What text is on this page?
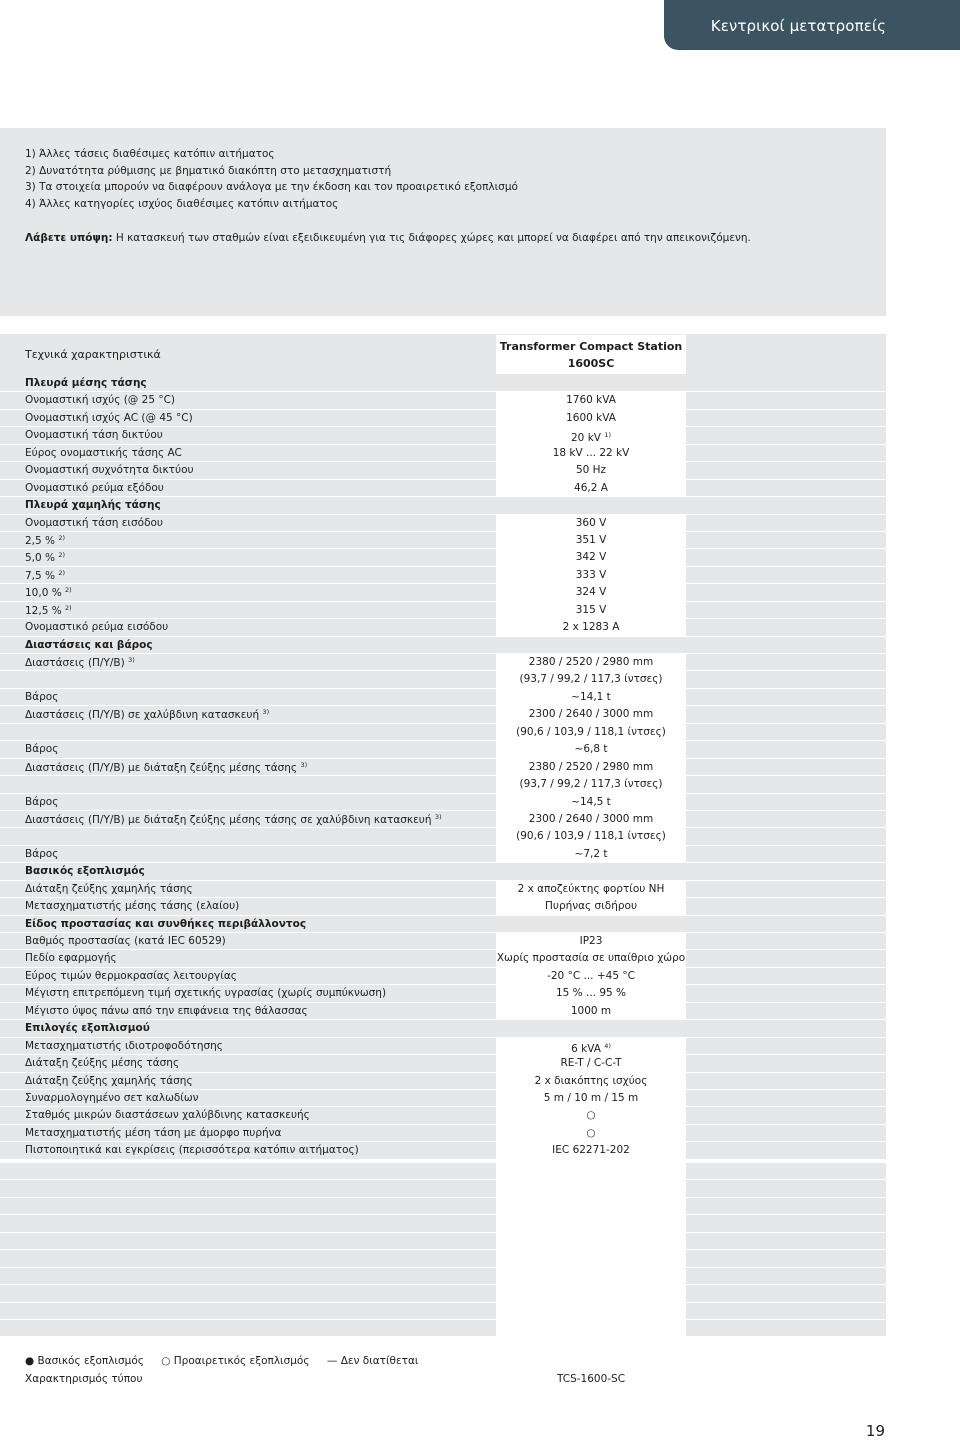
Κεντρικοί μετατροπείς
1) Άλλες τάσεις διαθέσιμες κατόπιν αιτήματος
2) Δυνατότητα ρύθμισης με βηματικό διακόπτη στο μετασχηματιστή
3) Τα στοιχεία μπορούν να διαφέρουν ανάλογα με την έκδοση και τον προαιρετικό εξοπλισμό
4) Άλλες κατηγορίες ισχύος διαθέσιμες κατόπιν αιτήματος
Λάβετε υπόψη: Η κατασκευή των σταθμών είναι εξειδικευμένη για τις διάφορες χώρες και μπορεί να διαφέρει από την απεικονιζόμενη.
Τεχνικά χαρακτηριστικά
Transformer Compact Station
1600SC
Πλευρά μέσης τάσης
Ονομαστική ισχύς (@ 25 °C)	1760 kVA
Ονομαστική ισχύς AC (@ 45 °C)	1600 kVA
Ονομαστική τάση δικτύου	20 kV $^{1)}$
Εύρος ονομαστικής τάσης AC	18 kV ... 22 kV
Ονομαστική συχνότητα δικτύου	50 Hz
Ονομαστικό ρεύμα εξόδου	46,2 A
Πλευρά χαμηλής τάσης
Ονομαστική τάση εισόδου	360 V
2,5 % $^{2)}$	351 V
5,0 % $^{2)}$	342 V
7,5 % $^{2)}$	333 V
10,0 % $^{2)}$	324 V
12,5 % $^{2)}$	315 V
Ονομαστικό ρεύμα εισόδου	2 x 1283 A
Διαστάσεις και βάρος
Διαστάσεις (Π/Υ/Β) $^{3)}$	2380 / 2520 / 2980 mm
(93,7 / 99,2 / 117,3 ίντσες)
Βάρος	~14,1 t
Διαστάσεις (Π/Υ/Β) σε χαλύβδινη κατασκευή $^{3)}$	2300 / 2640 / 3000 mm
(90,6 / 103,9 / 118,1 ίντσες)
Βάρος	~6,8 t
Διαστάσεις (Π/Υ/Β) με διάταξη ζεύξης μέσης τάσης $^{3)}$	2380 / 2520 / 2980 mm
(93,7 / 99,2 / 117,3 ίντσες)
Βάρος	~14,5 t
Διαστάσεις (Π/Υ/Β) με διάταξη ζεύξης μέσης τάσης σε χαλύβδινη κατασκευή $^{3)}$	2300 / 2640 / 3000 mm
(90,6 / 103,9 / 118,1 ίντσες)
Βάρος	~7,2 t
Βασικός εξοπλισμός
Διάταξη ζεύξης χαμηλής τάσης	2 x αποζεύκτης φορτίου NH
Μετασχηματιστής μέσης τάσης (ελαίου)	Πυρήνας σιδήρου
Είδος προστασίας και συνθήκες περιβάλλοντος
Βαθμός προστασίας (κατά IEC 60529)	IP23
Πεδίο εφαρμογής	Χωρίς προστασία σε υπαίθριο χώρο
Εύρος τιμών θερμοκρασίας λειτουργίας	-20 °C ... +45 °C
Μέγιστη επιτρεπόμενη τιμή σχετικής υγρασίας (χωρίς συμπύκνωση)	15 % ... 95 %
Μέγιστο ύψος πάνω από την επιφάνεια της θάλασσας	1000 m
Επιλογές εξοπλισμού
Μετασχηματιστής ιδιοτροφοδότησης	6 kVA $^{4)}$
Διάταξη ζεύξης μέσης τάσης	RE-T / C-C-T
Διάταξη ζεύξης χαμηλής τάσης	2 x διακόπτης ισχύος
Συναρμολογημένο σετ καλωδίων	5 m / 10 m / 15 m
Σταθμός μικρών διαστάσεων χαλύβδινης κατασκευής	○
Μετασχηματιστής μέση τάση με άμορφο πυρήνα	○
Πιστοποιητικά και εγκρίσεις (περισσότερα κατόπιν αιτήματος)	IEC 62271-202
● Βασικός εξοπλισμός ○ Προαιρετικός εξοπλισμός — Δεν διατίθεται
Χαρακτηρισμός τύπου	TCS-1600-SC
19
